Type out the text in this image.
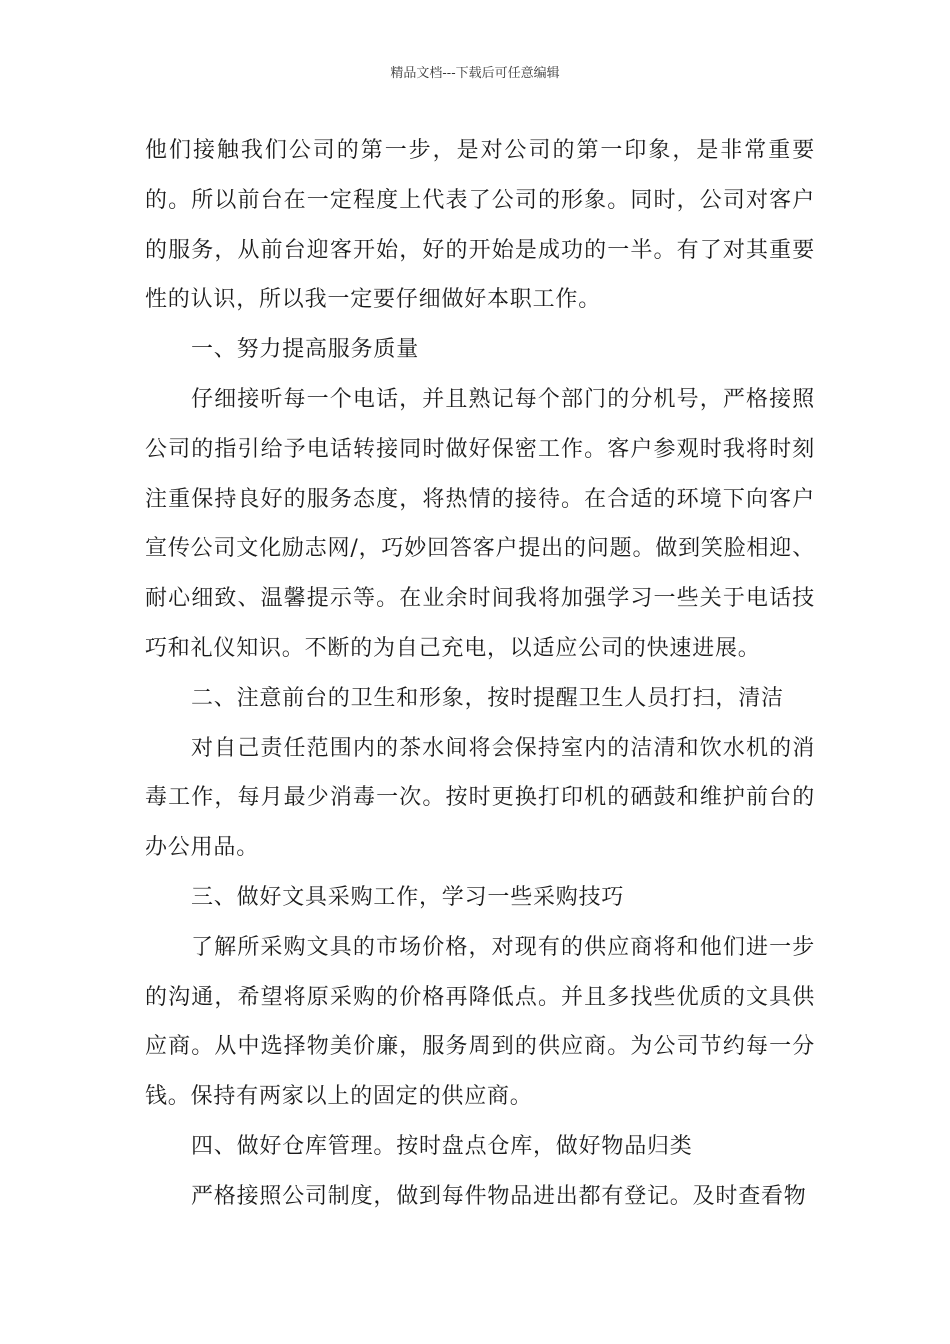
精品文档---下载后可任意编辑

他们接触我们公司的第一步，是对公司的第一印象，是非常重要的。所以前台在一定程度上代表了公司的形象。同时，公司对客户的服务，从前台迎客开始，好的开始是成功的一半。有了对其重要性的认识，所以我一定要仔细做好本职工作。

一、努力提高服务质量

仔细接听每一个电话，并且熟记每个部门的分机号，严格接照公司的指引给予电话转接同时做好保密工作。客户参观时我将时刻注重保持良好的服务态度，将热情的接待。在合适的环境下向客户宣传公司文化励志网/，巧妙回答客户提出的问题。做到笑脸相迎、耐心细致、温馨提示等。在业余时间我将加强学习一些关于电话技巧和礼仪知识。不断的为自己充电，以适应公司的快速进展。

二、注意前台的卫生和形象，按时提醒卫生人员打扫，清洁

对自己责任范围内的茶水间将会保持室内的洁清和饮水机的消毒工作，每月最少消毒一次。按时更换打印机的硒鼓和维护前台的办公用品。

三、做好文具采购工作，学习一些采购技巧

了解所采购文具的市场价格，对现有的供应商将和他们进一步的沟通，希望将原采购的价格再降低点。并且多找些优质的文具供应商。从中选择物美价廉，服务周到的供应商。为公司节约每一分钱。保持有两家以上的固定的供应商。

四、做好仓库管理。按时盘点仓库，做好物品归类

严格接照公司制度，做到每件物品进出都有登记。及时查看物
